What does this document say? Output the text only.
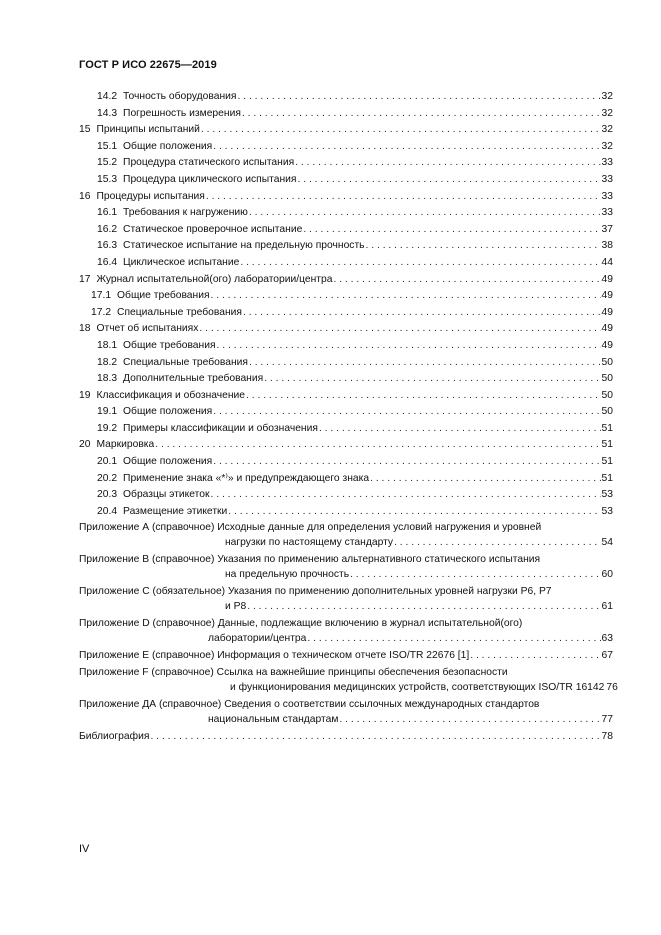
ГОСТ Р ИСО 22675—2019
14.2 Точность оборудования . . .	32
14.3 Погрешность измерения . . .	32
15 Принципы испытаний . . .	32
15.1 Общие положения . . .	32
15.2 Процедура статического испытания . . .	33
15.3 Процедура циклического испытания . . .	33
16 Процедуры испытания . . .	33
16.1 Требования к нагружению . . .	33
16.2 Статическое проверочное испытание . . .	37
16.3 Статическое испытание на предельную прочность . . .	38
16.4 Циклическое испытание . . .	44
17 Журнал испытательной(ого) лаборатории/центра . . .	49
17.1 Общие требования . . .	49
17.2 Специальные требования . . .	49
18 Отчет об испытаниях . . .	49
18.1 Общие требования . . .	49
18.2 Специальные требования . . .	50
18.3 Дополнительные требования . . .	50
19 Классификация и обозначение . . .	50
19.1 Общие положения . . .	50
19.2 Примеры классификации и обозначения . . .	51
20 Маркировка . . .	51
20.1 Общие положения . . .	51
20.2 Применение знака «*⁾» и предупреждающего знака . . .	51
20.3 Образцы этикеток . . .	53
20.4 Размещение этикетки . . .	53
Приложение А (справочное) Исходные данные для определения условий нагружения и уровней
нагрузки по настоящему стандарту . . .	54
Приложение В (справочное) Указания по применению альтернативного статического испытания
на предельную прочность . . .	60
Приложение С (обязательное) Указания по применению дополнительных уровней нагрузки Р6, Р7
и Р8 . . .	61
Приложение D (справочное) Данные, подлежащие включению в журнал испытательной(ого)
лаборатории/центра . . .	63
Приложение Е (справочное) Информация о техническом отчете ISO/TR 22676 [1] . . .	67
Приложение F (справочное) Ссылка на важнейшие принципы обеспечения безопасности
и функционирования медицинских устройств, соответствующих ISO/TR 16142 76
Приложение ДА (справочное) Сведения о соответствии ссылочных международных стандартов
национальным стандартам . . .	77
Библиография . . .	78
IV
